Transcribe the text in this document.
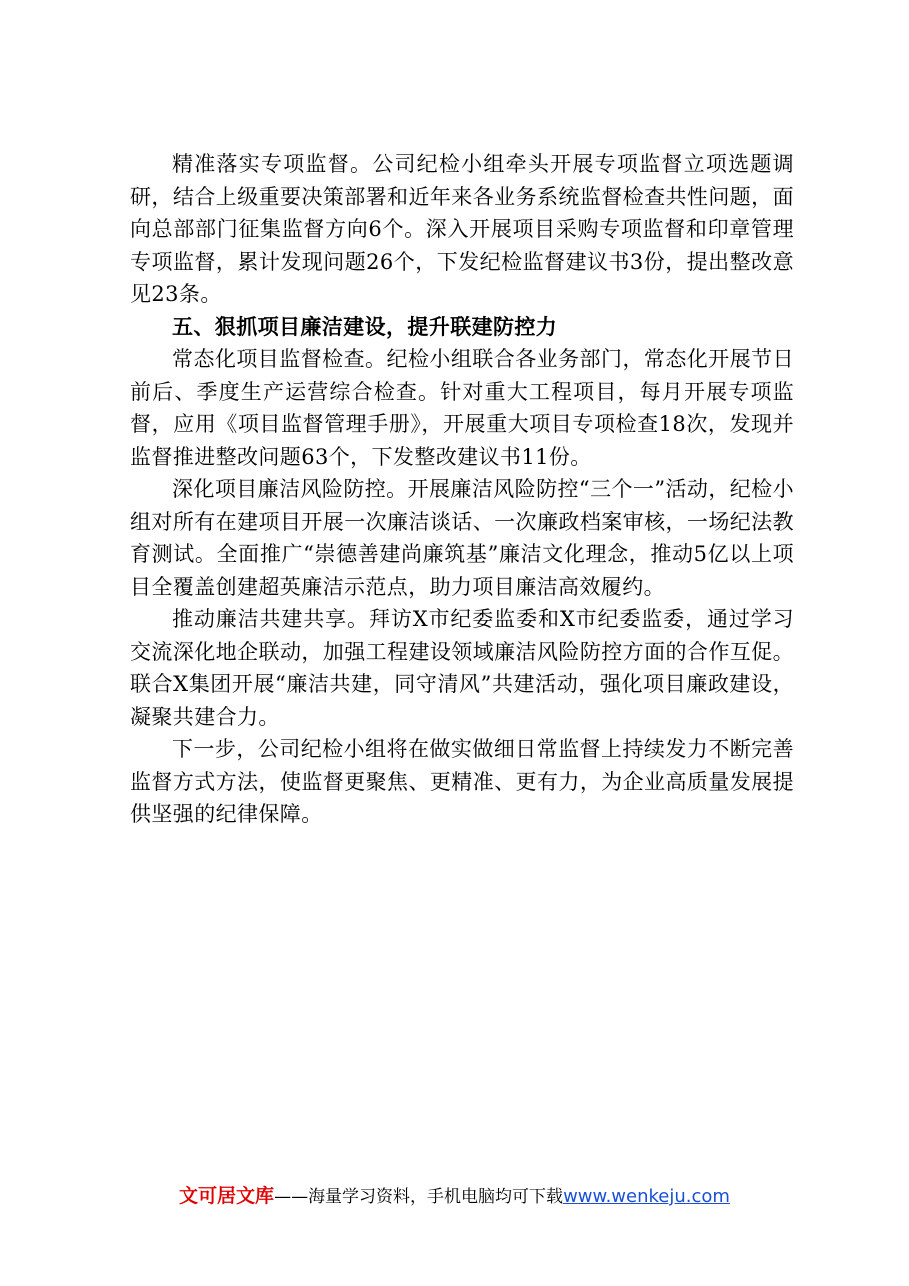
精准落实专项监督。公司纪检小组牵头开展专项监督立项选题调研，结合上级重要决策部署和近年来各业务系统监督检查共性问题，面向总部部门征集监督方向6个。深入开展项目采购专项监督和印章管理专项监督，累计发现问题26个，下发纪检监督建议书3份，提出整改意见23条。

五、狠抓项目廉洁建设，提升联建防控力

常态化项目监督检查。纪检小组联合各业务部门，常态化开展节日前后、季度生产运营综合检查。针对重大工程项目，每月开展专项监督，应用《项目监督管理手册》，开展重大项目专项检查18次，发现并监督推进整改问题63个，下发整改建议书11份。

深化项目廉洁风险防控。开展廉洁风险防控“三个一”活动，纪检小组对所有在建项目开展一次廉洁谈话、一次廉政档案审核，一场纪法教育测试。全面推广“崇德善建尚廉筑基”廉洁文化理念，推动5亿以上项目全覆盖创建超英廉洁示范点，助力项目廉洁高效履约。

推动廉洁共建共享。拜访X市纪委监委和X市纪委监委，通过学习交流深化地企联动，加强工程建设领域廉洁风险防控方面的合作互促。联合X集团开展“廉洁共建，同守清风”共建活动，强化项目廉政建设，凝聚共建合力。

下一步，公司纪检小组将在做实做细日常监督上持续发力不断完善监督方式方法，使监督更聚焦、更精准、更有力，为企业高质量发展提供坚强的纪律保障。

文可居文库——海量学习资料，手机电脑均可下载www.wenkeju.com
